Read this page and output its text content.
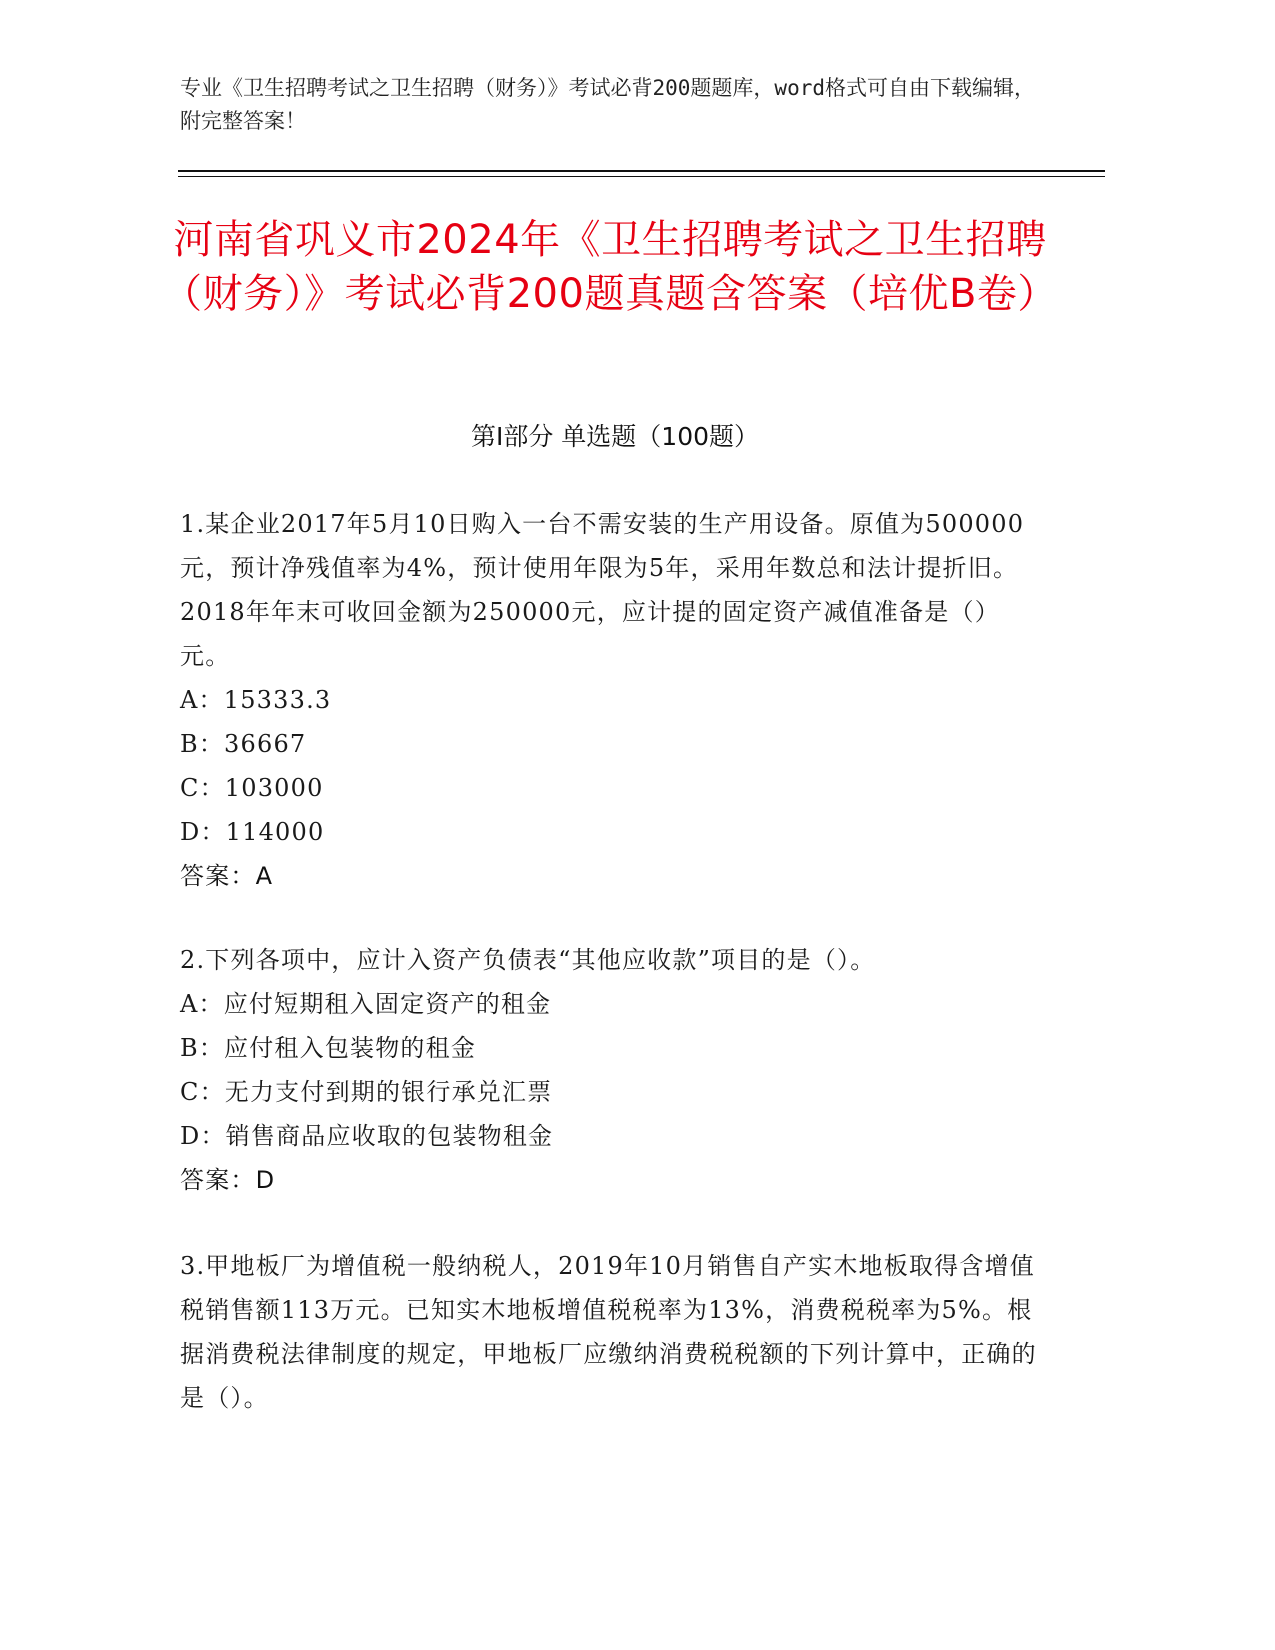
专业《卫生招聘考试之卫生招聘（财务）》考试必背200题题库，word格式可自由下载编辑，附完整答案！
河南省巩义市2024年《卫生招聘考试之卫生招聘（财务）》考试必背200题真题含答案（培优B卷）
第Ⅰ部分 单选题（100题）

1.某企业2017年5月10日购入一台不需安装的生产用设备。原值为500000元，预计净残值率为4%，预计使用年限为5年，采用年数总和法计提折旧。2018年年末可收回金额为250000元，应计提的固定资产减值准备是（）元。

A：15333.3

B：36667

C：103000

D：114000

答案：A

2.下列各项中，应计入资产负债表“其他应收款”项目的是（）。

A：应付短期租入固定资产的租金

B：应付租入包装物的租金

C：无力支付到期的银行承兑汇票

D：销售商品应收取的包装物租金

答案：D

3.甲地板厂为增值税一般纳税人，2019年10月销售自产实木地板取得含增值税销售额113万元。已知实木地板增值税税率为13%，消费税税率为5%。根据消费税法律制度的规定，甲地板厂应缴纳消费税税额的下列计算中，正确的是（）。
